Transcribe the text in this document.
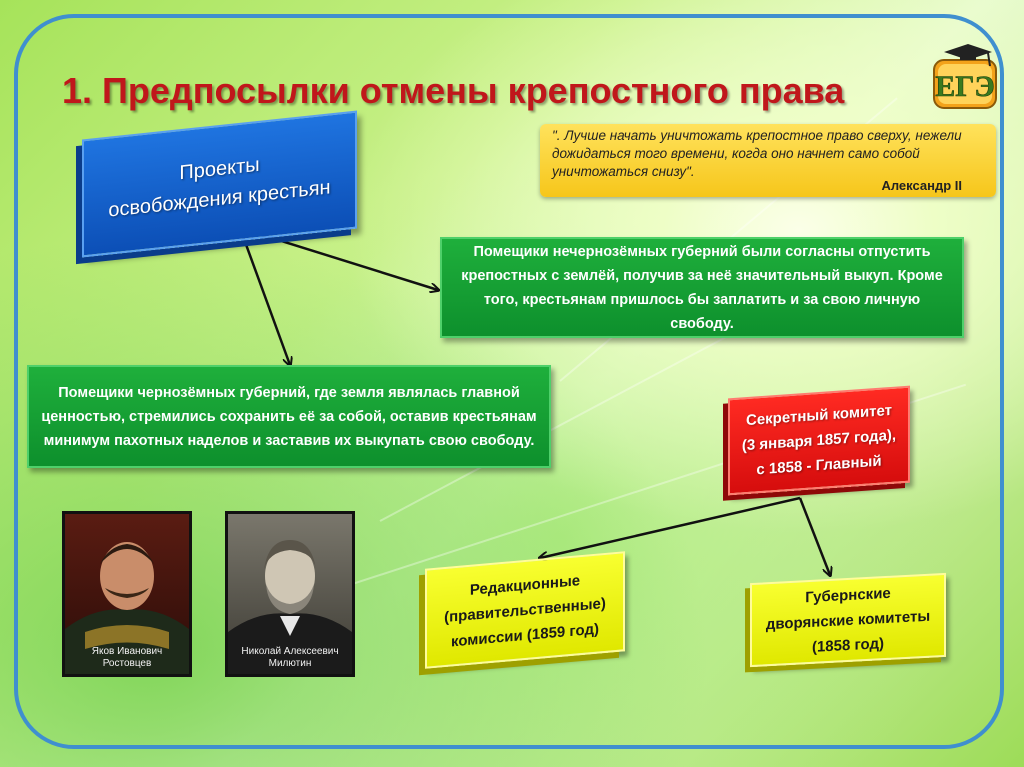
1. Предпосылки отмены крепостного права	ЕГЭ
". Лучше начать уничтожать крепостное право сверху, нежели дожидаться того времени, когда оно начнет само собой уничтожаться снизу".
Александр II
Проекты
освобождения крестьян
Помещики нечернозёмных губерний были согласны отпустить крепостных с землёй, получив за неё значительный выкуп. Кроме того, крестьянам пришлось бы заплатить и за свою личную свободу.
Помещики чернозёмных губерний, где земля являлась главной ценностью, стремились сохранить её за собой, оставив крестьянам минимум пахотных наделов и заставив их выкупать свою свободу.
Секретный комитет
(3 января 1857 года),
с 1858 - Главный
Редакционные
(правительственные)
комиссии (1859 год)
Губернские
дворянские комитеты
(1858 год)
Яков Иванович
Ростовцев
Николай Алексеевич
Милютин
